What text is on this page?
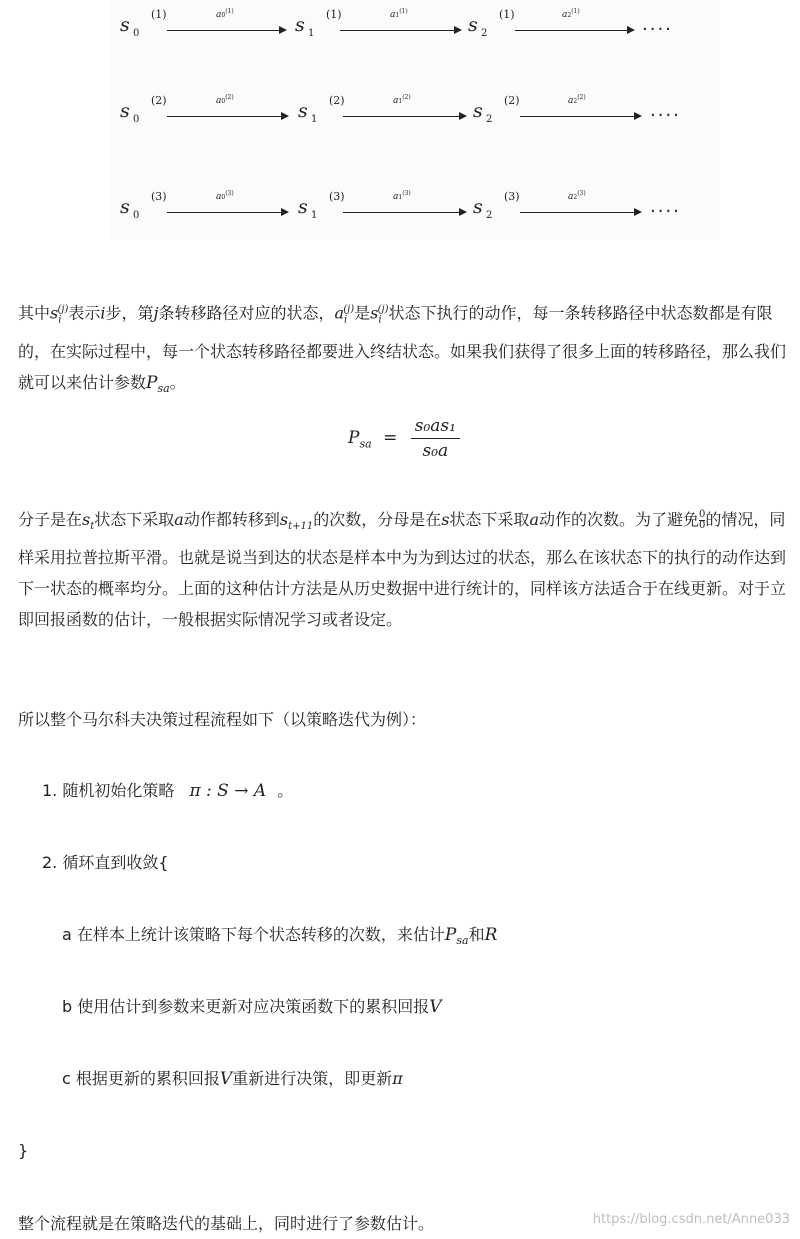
s 0
(1)	a0$^{(1)}$
s 1
(1)	a1$^{(1)}$
s 2
(1)	a2$^{(1)}$
....
s 0
(2)	a0$^{(2)}$
s 1
(2)	a1$^{(2)}$
s 2
(2)	a2$^{(2)}$
....
s 0
(3)	a0$^{(3)}$
s 1
(3)	a1$^{(3)}$
s 2
(3)	a2$^{(3)}$
....
其中$s_i^{(j)}$表示i步，第j条转移路径对应的状态，$a_i^{(j)}$是$s_i^{(j)}$状态下执行的动作，每一条转移路径中状态数都是有限的，在实际过程中，每一个状态转移路径都要进入终结状态。如果我们获得了很多上面的转移路径，那么我们就可以来估计参数$P_{sa}$。
$P_{sa} = \frac{\text{s₀as₁}}{\text{s₀a}}$
分子是在$s_t$状态下采取a动作都转移到$s_{t+11}$的次数，分母是在s状态下采取a动作的次数。为了避免 $\frac{0}{0}$ 的情况，同样采用拉普拉斯平滑。也就是说当到达的状态是样本中为为到达过的状态，那么在该状态下的执行的动作达到下一状态的概率均分。上面的这种估计方法是从历史数据中进行统计的，同样该方法适合于在线更新。对于立即回报函数的估计，一般根据实际情况学习或者设定。
所以整个马尔科夫决策过程流程如下（以策略迭代为例）：
1. 随机初始化策略 π : S → A 。
2. 循环直到收敛{
a 在样本上统计该策略下每个状态转移的次数，来估计$P_{sa}$和R
b 使用估计到参数来更新对应决策函数下的累积回报V
c 根据更新的累积回报V重新进行决策，即更新π
}
整个流程就是在策略迭代的基础上，同时进行了参数估计。	https://blog.csdn.net/Anne033
